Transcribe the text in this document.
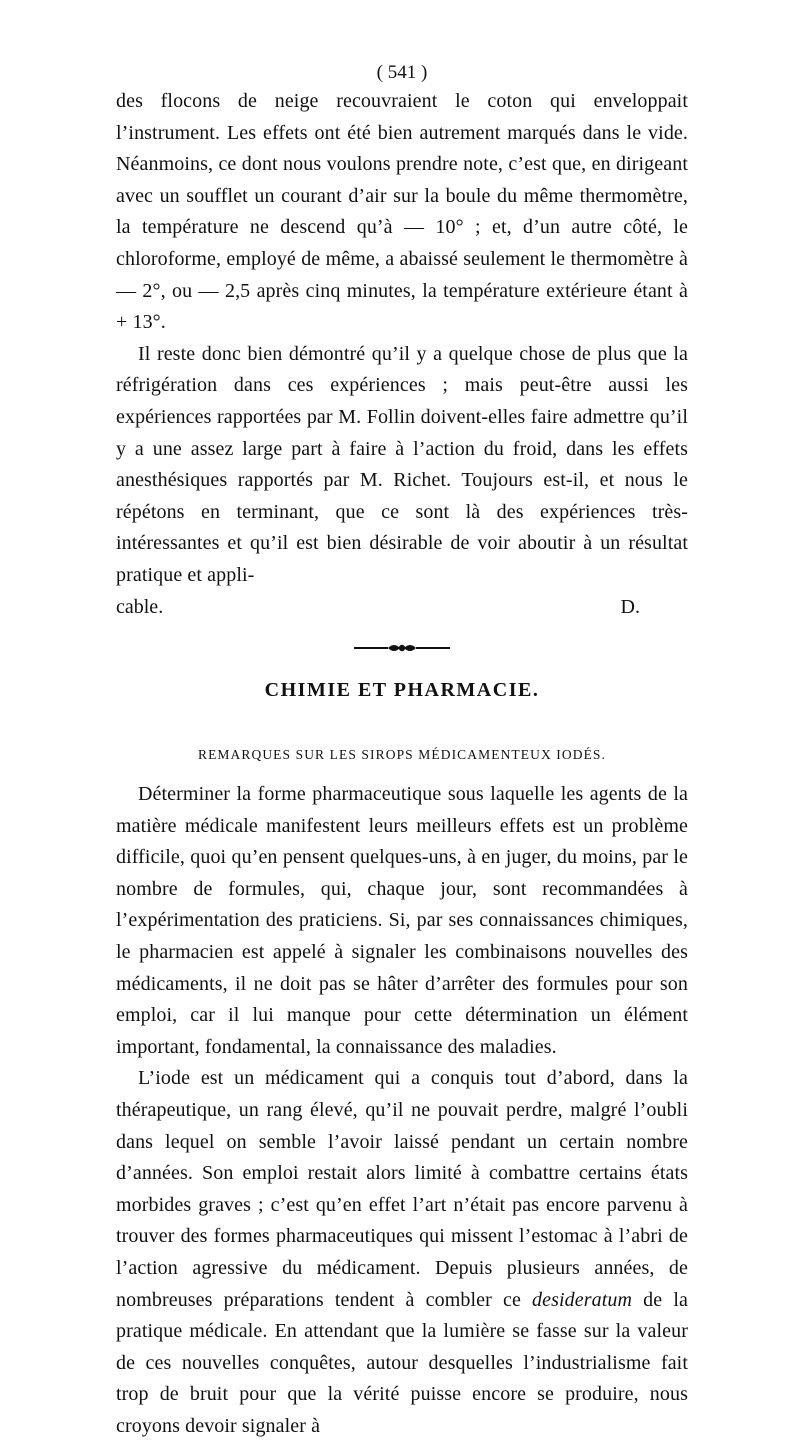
( 541 )

des flocons de neige recouvraient le coton qui enveloppait l’instrument. Les effets ont été bien autrement marqués dans le vide. Néanmoins, ce dont nous voulons prendre note, c’est que, en dirigeant avec un soufflet un courant d’air sur la boule du même thermomètre, la température ne descend qu’à — 10° ; et, d’un autre côté, le chloroforme, employé de même, a abaissé seulement le thermomètre à — 2°, ou — 2,5 après cinq minutes, la température extérieure étant à + 13°.

Il reste donc bien démontré qu’il y a quelque chose de plus que la réfrigération dans ces expériences ; mais peut-être aussi les expériences rapportées par M. Follin doivent-elles faire admettre qu’il y a une assez large part à faire à l’action du froid, dans les effets anesthésiques rapportés par M. Richet. Toujours est-il, et nous le répétons en terminant, que ce sont là des expériences très-intéressantes et qu’il est bien désirable de voir aboutir à un résultat pratique et appli-

cable.	D.
CHIMIE ET PHARMACIE.
REMARQUES SUR LES SIROPS MÉDICAMENTEUX IODÉS.

Déterminer la forme pharmaceutique sous laquelle les agents de la matière médicale manifestent leurs meilleurs effets est un problème difficile, quoi qu’en pensent quelques-uns, à en juger, du moins, par le nombre de formules, qui, chaque jour, sont recommandées à l’expérimentation des praticiens. Si, par ses connaissances chimiques, le pharmacien est appelé à signaler les combinaisons nouvelles des médicaments, il ne doit pas se hâter d’arrêter des formules pour son emploi, car il lui manque pour cette détermination un élément important, fondamental, la connaissance des maladies.

L’iode est un médicament qui a conquis tout d’abord, dans la thérapeutique, un rang élevé, qu’il ne pouvait perdre, malgré l’oubli dans lequel on semble l’avoir laissé pendant un certain nombre d’années. Son emploi restait alors limité à combattre certains états morbides graves ; c’est qu’en effet l’art n’était pas encore parvenu à trouver des formes pharmaceutiques qui missent l’estomac à l’abri de l’action agressive du médicament. Depuis plusieurs années, de nombreuses préparations tendent à combler ce desideratum de la pratique médicale. En attendant que la lumière se fasse sur la valeur de ces nouvelles conquêtes, autour desquelles l’industrialisme fait trop de bruit pour que la vérité puisse encore se produire, nous croyons devoir signaler à
